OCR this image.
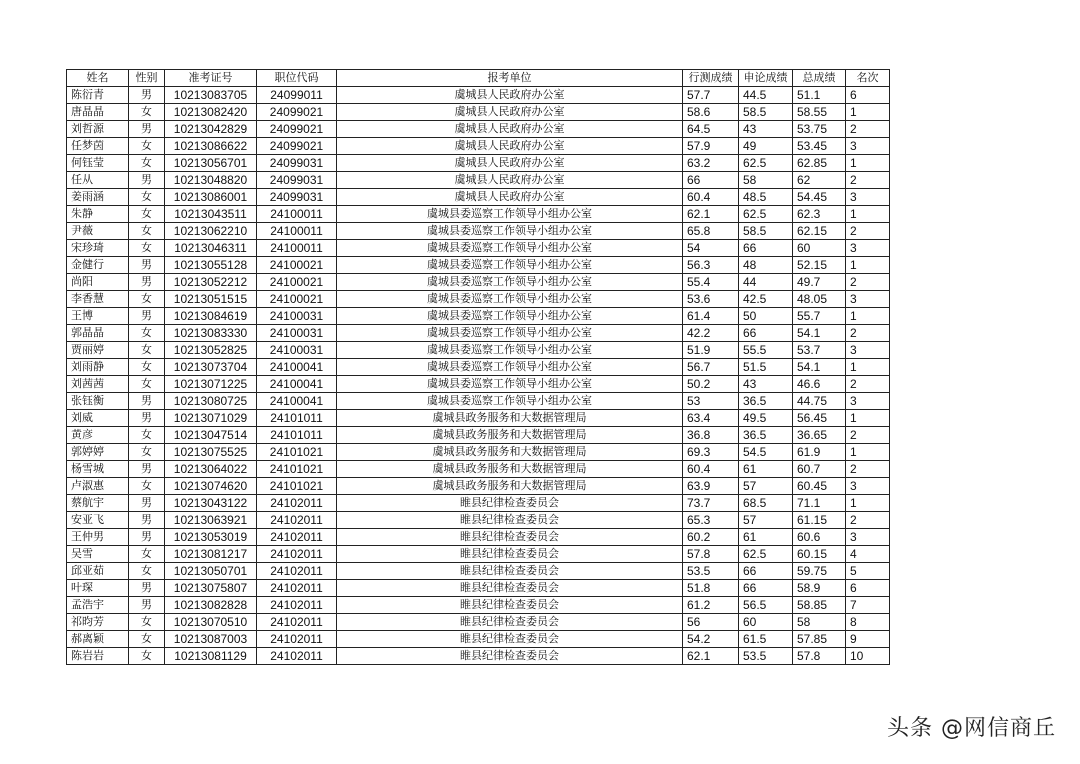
姓名	性别	准考证号	职位代码	报考单位	行测成绩	申论成绩	总成绩	名次
陈衍青	男	10213083705	24099011	虞城县人民政府办公室	57.7	44.5	51.1	6
唐晶晶	女	10213082420	24099021	虞城县人民政府办公室	58.6	58.5	58.55	1
刘哲源	男	10213042829	24099021	虞城县人民政府办公室	64.5	43	53.75	2
任梦茵	女	10213086622	24099021	虞城县人民政府办公室	57.9	49	53.45	3
何钰莹	女	10213056701	24099031	虞城县人民政府办公室	63.2	62.5	62.85	1
任从	男	10213048820	24099031	虞城县人民政府办公室	66	58	62	2
姜雨涵	女	10213086001	24099031	虞城县人民政府办公室	60.4	48.5	54.45	3
朱静	女	10213043511	24100011	虞城县委巡察工作领导小组办公室	62.1	62.5	62.3	1
尹薇	女	10213062210	24100011	虞城县委巡察工作领导小组办公室	65.8	58.5	62.15	2
宋珍琦	女	10213046311	24100011	虞城县委巡察工作领导小组办公室	54	66	60	3
金健行	男	10213055128	24100021	虞城县委巡察工作领导小组办公室	56.3	48	52.15	1
尚阳	男	10213052212	24100021	虞城县委巡察工作领导小组办公室	55.4	44	49.7	2
李香慧	女	10213051515	24100021	虞城县委巡察工作领导小组办公室	53.6	42.5	48.05	3
王博	男	10213084619	24100031	虞城县委巡察工作领导小组办公室	61.4	50	55.7	1
郭晶晶	女	10213083330	24100031	虞城县委巡察工作领导小组办公室	42.2	66	54.1	2
贾丽婷	女	10213052825	24100031	虞城县委巡察工作领导小组办公室	51.9	55.5	53.7	3
刘雨静	女	10213073704	24100041	虞城县委巡察工作领导小组办公室	56.7	51.5	54.1	1
刘茜茜	女	10213071225	24100041	虞城县委巡察工作领导小组办公室	50.2	43	46.6	2
张钰衡	男	10213080725	24100041	虞城县委巡察工作领导小组办公室	53	36.5	44.75	3
刘威	男	10213071029	24101011	虞城县政务服务和大数据管理局	63.4	49.5	56.45	1
黄彦	女	10213047514	24101011	虞城县政务服务和大数据管理局	36.8	36.5	36.65	2
郭婷婷	女	10213075525	24101021	虞城县政务服务和大数据管理局	69.3	54.5	61.9	1
杨雪城	男	10213064022	24101021	虞城县政务服务和大数据管理局	60.4	61	60.7	2
卢淑惠	女	10213074620	24101021	虞城县政务服务和大数据管理局	63.9	57	60.45	3
蔡航宇	男	10213043122	24102011	睢县纪律检查委员会	73.7	68.5	71.1	1
安亚飞	男	10213063921	24102011	睢县纪律检查委员会	65.3	57	61.15	2
王仲男	男	10213053019	24102011	睢县纪律检查委员会	60.2	61	60.6	3
吴雪	女	10213081217	24102011	睢县纪律检查委员会	57.8	62.5	60.15	4
邱亚茹	女	10213050701	24102011	睢县纪律检查委员会	53.5	66	59.75	5
叶琛	男	10213075807	24102011	睢县纪律检查委员会	51.8	66	58.9	6
孟浩宇	男	10213082828	24102011	睢县纪律检查委员会	61.2	56.5	58.85	7
祁昀芳	女	10213070510	24102011	睢县纪律检查委员会	56	60	58	8
郝离颖	女	10213087003	24102011	睢县纪律检查委员会	54.2	61.5	57.85	9
陈岩岩	女	10213081129	24102011	睢县纪律检查委员会	62.1	53.5	57.8	10
头条 @网信商丘
